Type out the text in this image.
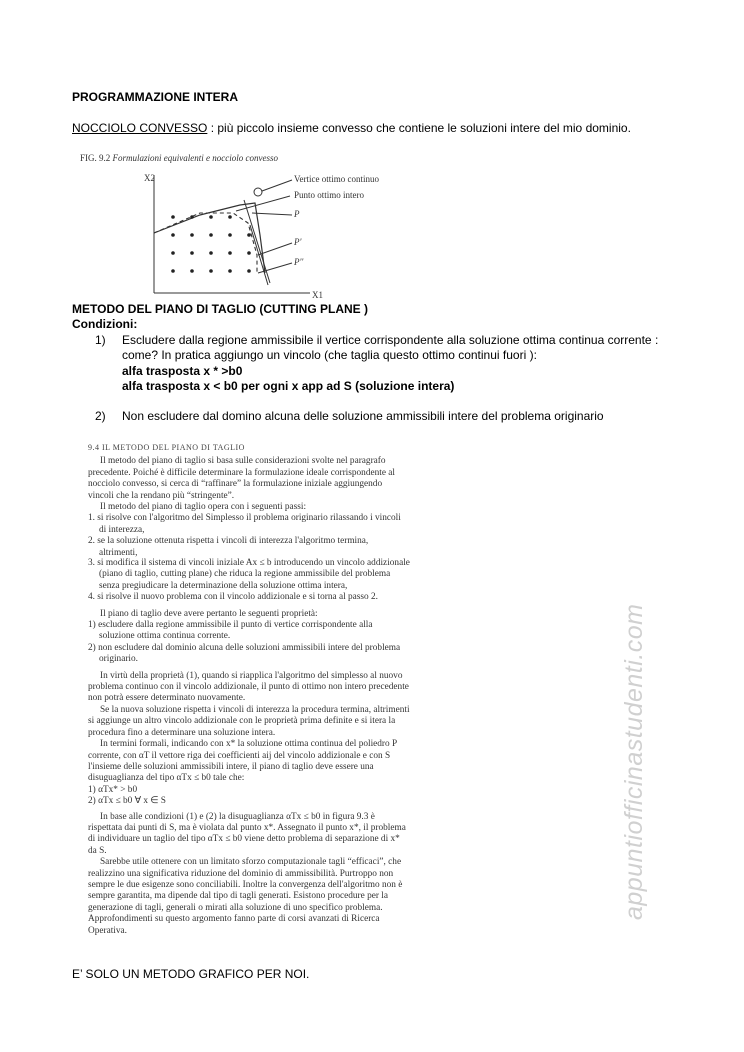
PROGRAMMAZIONE INTERA
NOCCIOLO CONVESSO : più piccolo insieme convesso che contiene le soluzioni intere del mio dominio.
FIG. 9.2 Formulazioni equivalenti e nocciolo convesso
X2
X1
Vertice ottimo continuo
Punto ottimo intero
P
P'
P''
METODO DEL PIANO DI TAGLIO (CUTTING PLANE )
Condizioni:
1) Escludere dalla regione ammissibile il vertice corrispondente alla soluzione ottima continua corrente :
come? In pratica aggiungo un vincolo (che taglia questo ottimo continui fuori ):
alfa trasposta x * >b0
alfa trasposta x < b0 per ogni x app ad S (soluzione intera)
2) Non escludere dal domino alcuna delle soluzione ammissibili intere del problema originario

9.4 IL METODO DEL PIANO DI TAGLIO

Il metodo del piano di taglio si basa sulle considerazioni svolte nel paragrafo precedente. Poiché è difficile determinare la formulazione ideale corrispondente al nocciolo convesso, si cerca di “raffinare” la formulazione iniziale aggiungendo vincoli che la rendano più “stringente”.

Il metodo del piano di taglio opera con i seguenti passi:

1. si risolve con l'algoritmo del Simplesso il problema originario rilassando i vincoli di interezza,

2. se la soluzione ottenuta rispetta i vincoli di interezza l'algoritmo termina, altrimenti,

3. si modifica il sistema di vincoli iniziale Ax ≤ b introducendo un vincolo addizionale (piano di taglio, cutting plane) che riduca la regione ammissibile del problema senza pregiudicare la determinazione della soluzione ottima intera,

4. si risolve il nuovo problema con il vincolo addizionale e si torna al passo 2.

Il piano di taglio deve avere pertanto le seguenti proprietà:

1) escludere dalla regione ammissibile il punto di vertice corrispondente alla soluzione ottima continua corrente.

2) non escludere dal dominio alcuna delle soluzioni ammissibili intere del problema originario.

In virtù della proprietà (1), quando si riapplica l'algoritmo del simplesso al nuovo problema continuo con il vincolo addizionale, il punto di ottimo non intero precedente non potrà essere determinato nuovamente.

Se la nuova soluzione rispetta i vincoli di interezza la procedura termina, altrimenti si aggiunge un altro vincolo addizionale con le proprietà prima definite e si itera la procedura fino a determinare una soluzione intera.

In termini formali, indicando con x* la soluzione ottima continua del poliedro P corrente, con αT il vettore riga dei coefficienti aij del vincolo addizionale e con S l'insieme delle soluzioni ammissibili intere, il piano di taglio deve essere una disuguaglianza del tipo αTx ≤ b0 tale che:

1) αTx* > b0

2) αTx ≤ b0 ∀ x ∈ S

In base alle condizioni (1) e (2) la disuguaglianza αTx ≤ b0 in figura 9.3 è rispettata dai punti di S, ma è violata dal punto x*. Assegnato il punto x*, il problema di individuare un taglio del tipo αTx ≤ b0 viene detto problema di separazione di x* da S.

Sarebbe utile ottenere con un limitato sforzo computazionale tagli “efficaci”, che realizzino una significativa riduzione del dominio di ammissibilità. Purtroppo non sempre le due esigenze sono conciliabili. Inoltre la convergenza dell'algoritmo non è sempre garantita, ma dipende dal tipo di tagli generati. Esistono procedure per la generazione di tagli, generali o mirati alla soluzione di uno specifico problema. Approfondimenti su questo argomento fanno parte di corsi avanzati di Ricerca Operativa.

E’ SOLO UN METODO GRAFICO PER NOI.
appuntiofficinastudenti.com
